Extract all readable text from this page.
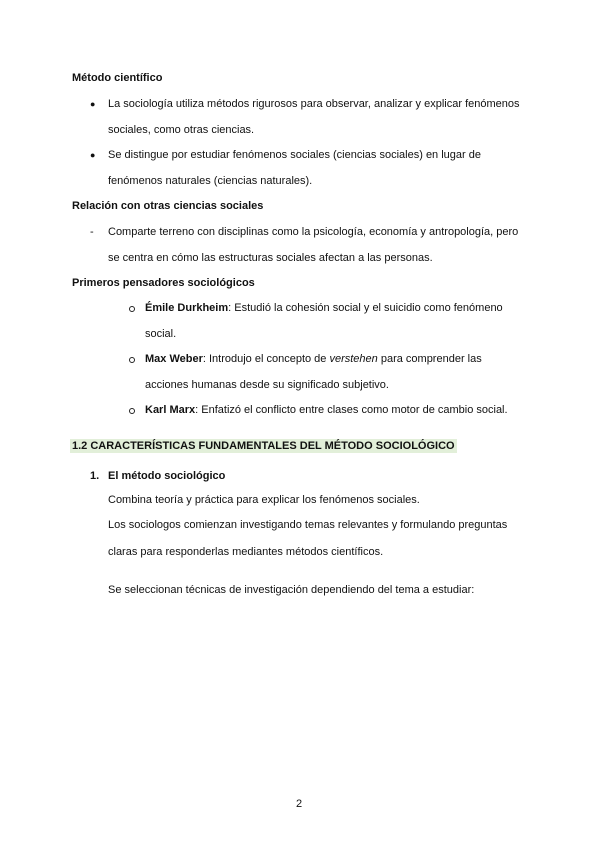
Método científico
● La sociología utiliza métodos rigurosos para observar, analizar y explicar fenómenos
sociales, como otras ciencias.
● Se distingue por estudiar fenómenos sociales (ciencias sociales) en lugar de
fenómenos naturales (ciencias naturales).
Relación con otras ciencias sociales
- Comparte terreno con disciplinas como la psicología, economía y antropología, pero
se centra en cómo las estructuras sociales afectan a las personas.
Primeros pensadores sociológicos
Émile Durkheim: Estudió la cohesión social y el suicidio como fenómeno
social.
Max Weber: Introdujo el concepto de verstehen para comprender las
acciones humanas desde su significado subjetivo.
Karl Marx: Enfatizó el conflicto entre clases como motor de cambio social.
1.2 CARACTERÍSTICAS FUNDAMENTALES DEL MÉTODO SOCIOLÓGICO
1. El método sociológico
Combina teoría y práctica para explicar los fenómenos sociales.
Los sociologos comienzan investigando temas relevantes y formulando preguntas
claras para responderlas mediantes métodos científicos.
Se seleccionan técnicas de investigación dependiendo del tema a estudiar:
2
